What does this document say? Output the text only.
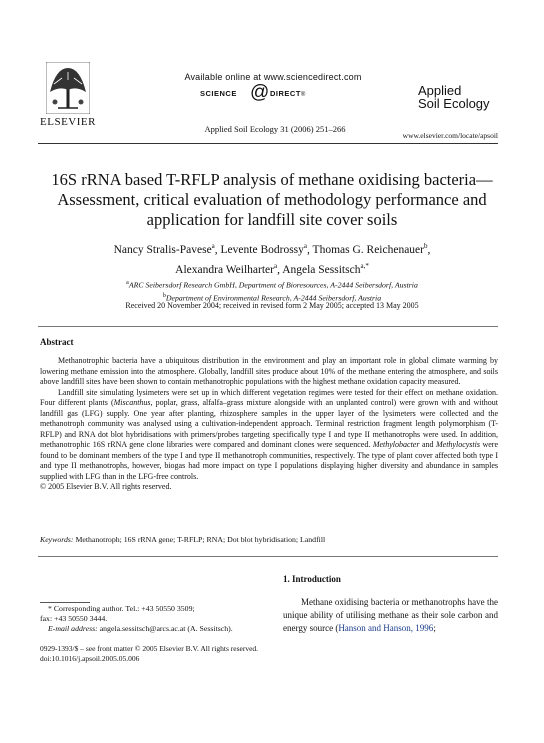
ELSEVIER
Available online at www.sciencedirect.com
SCIENCE @ DIRECT®
Applied Soil Ecology 31 (2006) 251–266
Applied
Soil Ecology
www.elsevier.com/locate/apsoil
16S rRNA based T-RFLP analysis of methane oxidising bacteria—Assessment, critical evaluation of methodology performance and application for landfill site cover soils
Nancy Stralis-Pavese$^a$, Levente Bodrossy$^a$, Thomas G. Reichenauer$^b$,
Alexandra Weilharter$^a$, Angela Sessitsch$^{a,*}$
$^a$ARC Seibersdorf Research GmbH, Department of Bioresources, A-2444 Seibersdorf, Austria
$^b$Department of Environmental Research, A-2444 Seibersdorf, Austria
Received 20 November 2004; received in revised form 2 May 2005; accepted 13 May 2005
Abstract

Methanotrophic bacteria have a ubiquitous distribution in the environment and play an important role in global climate warming by lowering methane emission into the atmosphere. Globally, landfill sites produce about 10% of the methane entering the atmosphere, and soils above landfill sites have been shown to contain methanotrophic populations with the highest methane oxidation capacity measured.

Landfill site simulating lysimeters were set up in which different vegetation regimes were tested for their effect on methane oxidation. Four different plants (Miscanthus, poplar, grass, alfalfa–grass mixture alongside with an unplanted control) were grown with and without landfill gas (LFG) supply. One year after planting, rhizosphere samples in the upper layer of the lysimeters were collected and the methanotroph community was analysed using a cultivation-independent approach. Terminal restriction fragment length polymorphism (T-RFLP) and RNA dot blot hybridisations with primers/probes targeting specifically type I and type II methanotrophs were used. In addition, methanotrophic 16S rRNA gene clone libraries were compared and dominant clones were sequenced. Methylobacter and Methylocystis were found to be dominant members of the type I and type II methanotroph communities, respectively. The type of plant cover affected both type I and type II methanotrophs, however, biogas had more impact on type I populations displaying higher diversity and abundance in samples supplied with LFG than in the LFG-free controls.

© 2005 Elsevier B.V. All rights reserved.

Keywords: Methanotroph; 16S rRNA gene; T-RFLP; RNA; Dot blot hybridisation; Landfill
1. Introduction
Methane oxidising bacteria or methanotrophs have the unique ability of utilising methane as their sole carbon and energy source (Hanson and Hanson, 1996;
* Corresponding author. Tel.: +43 50550 3509;
fax: +43 50550 3444.
E-mail address: angela.sessitsch@arcs.ac.at (A. Sessitsch).
0929-1393/$ – see front matter © 2005 Elsevier B.V. All rights reserved.
doi:10.1016/j.apsoil.2005.05.006
